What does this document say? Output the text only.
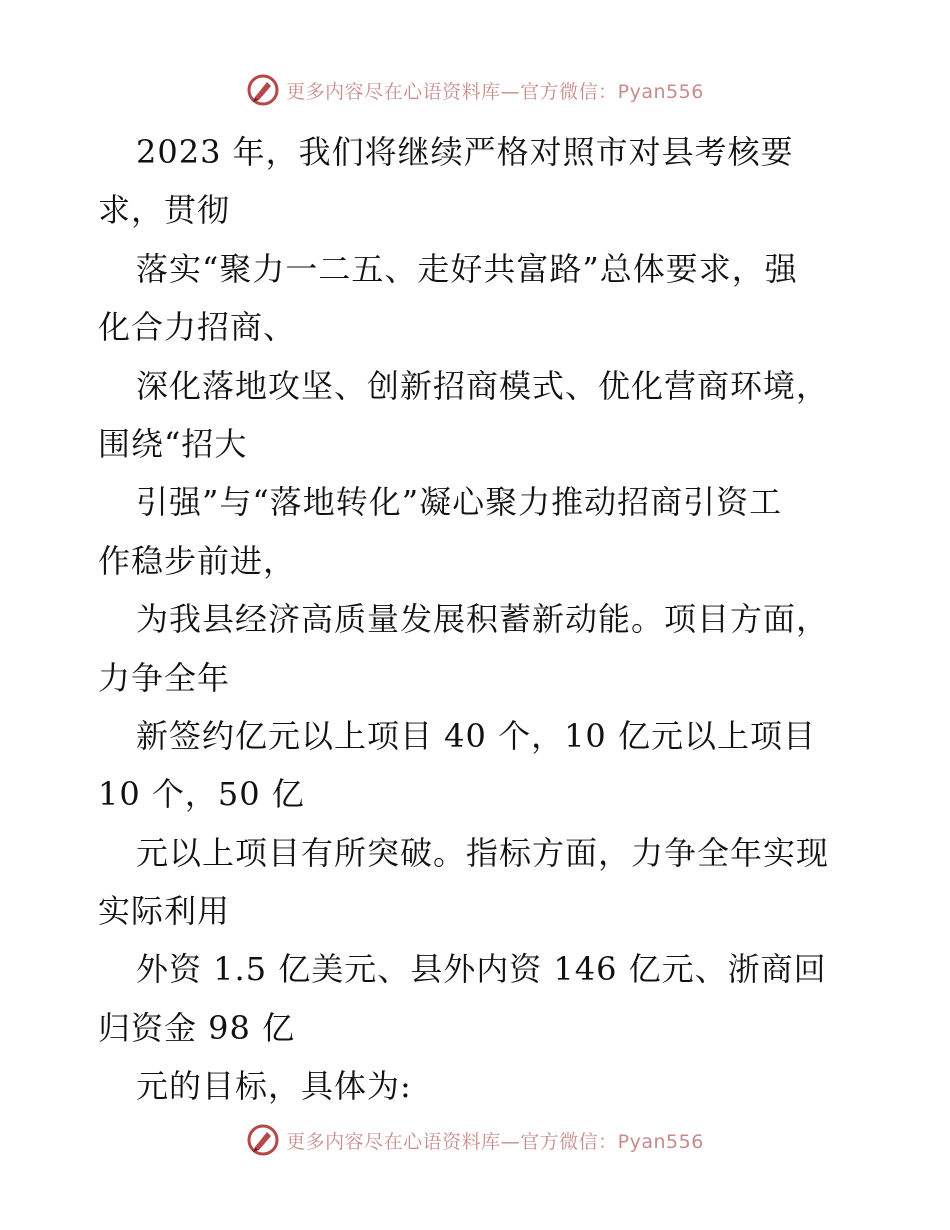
更多内容尽在心语资料库—官方微信：Pyan556
2023 年，我们将继续严格对照市对县考核要
求，贯彻
落实“聚力一二五、走好共富路”总体要求，强
化合力招商、
深化落地攻坚、创新招商模式、优化营商环境，
围绕“招大
引强”与“落地转化”凝心聚力推动招商引资工
作稳步前进，
为我县经济高质量发展积蓄新动能。项目方面，
力争全年
新签约亿元以上项目 40 个，10 亿元以上项目
10 个，50 亿
元以上项目有所突破。指标方面，力争全年实现
实际利用
外资 1.5 亿美元、县外内资 146 亿元、浙商回
归资金 98 亿
元的目标，具体为:
更多内容尽在心语资料库—官方微信：Pyan556
